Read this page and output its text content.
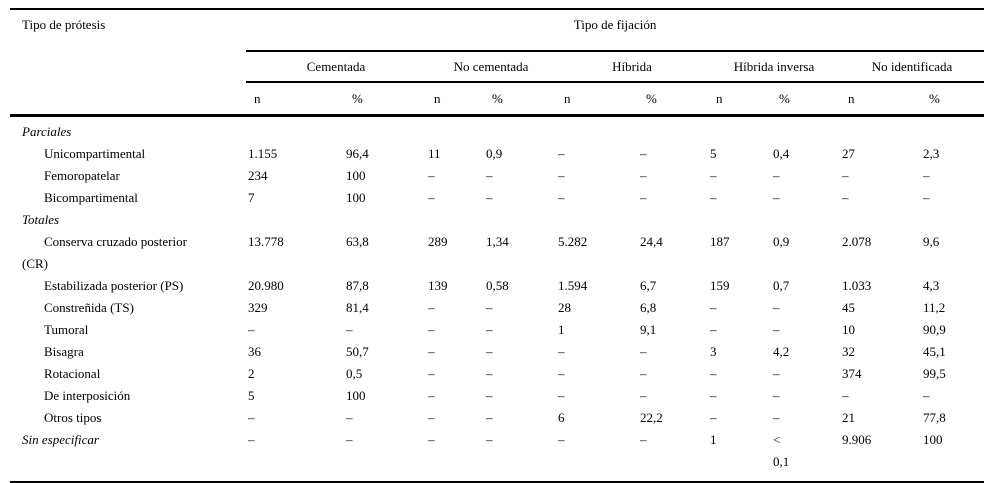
Tipo de prótesis	Tipo de fijación									
	Cementada		No cementada		Híbrida		Híbrida inversa		No identificada	
	n	%	n	%	n	%	n	%	n	%
Parciales										
Unicompartimental	1.155	96,4	11	0,9	–	–	5	0,4	27	2,3
Femoropatelar	234	100	–	–	–	–	–	–	–	–
Bicompartimental	7	100	–	–	–	–	–	–	–	–
Totales										
Conserva cruzado posterior (CR)	13.778	63,8	289	1,34	5.282	24,4	187	0,9	2.078	9,6
Estabilizada posterior (PS)	20.980	87,8	139	0,58	1.594	6,7	159	0,7	1.033	4,3
Constreñida (TS)	329	81,4	–	–	28	6,8	–	–	45	11,2
Tumoral	–	–	–	–	1	9,1	–	–	10	90,9
Bisagra	36	50,7	–	–	–	–	3	4,2	32	45,1
Rotacional	2	0,5	–	–	–	–	–	–	374	99,5
De interposición	5	100	–	–	–	–	–	–	–	–
Otros tipos	–	–	–	–	6	22,2	–	–	21	77,8
Sin especificar	–	–	–	–	–	–	1	< 0,1	9.906	100
